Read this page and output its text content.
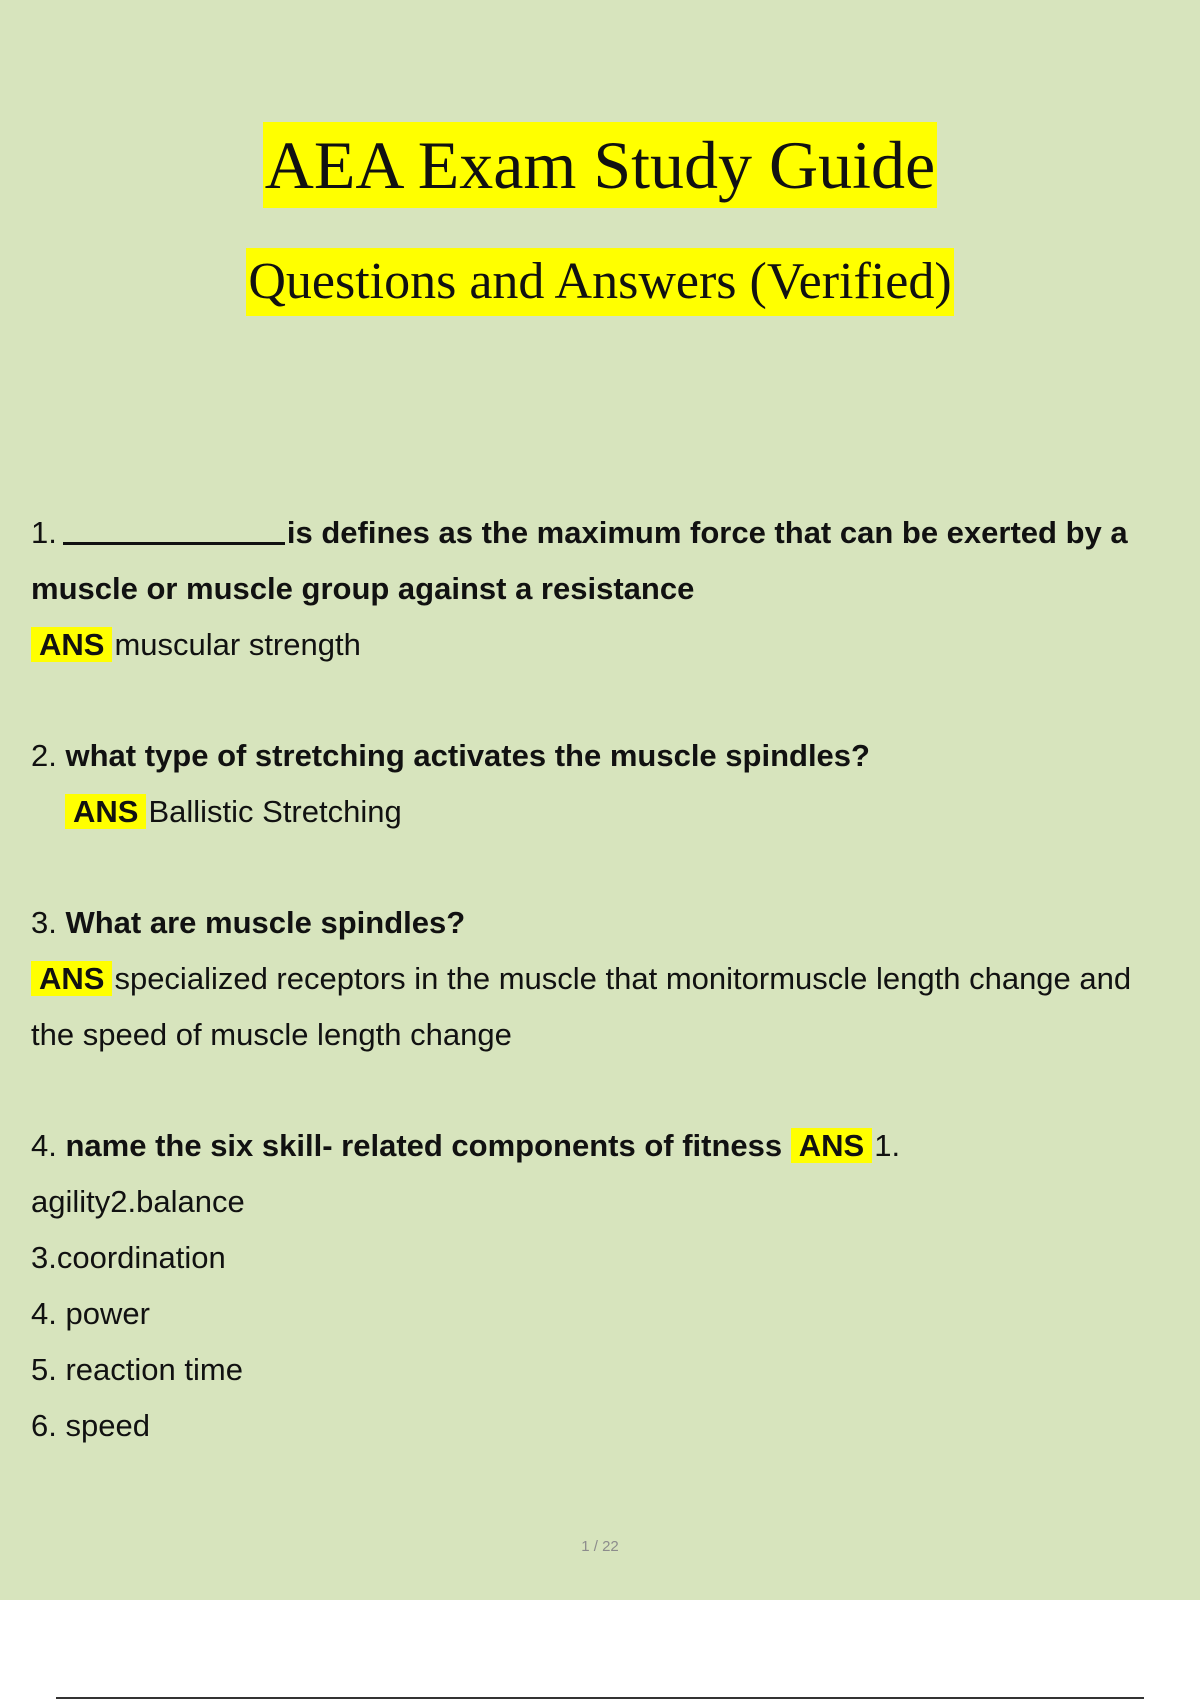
AEA Exam Study Guide
Questions and Answers (Verified)
1.	is defines as the maximum force that can be exerted by a
muscle or muscle group against a resistance
ANS muscular strength
2. what type of stretching activates the muscle spindles?
ANS Ballistic Stretching
3. What are muscle spindles?
ANS specialized receptors in the muscle that monitormuscle length change and
the speed of muscle length change
4. name the six skill- related components of fitness ANS 1.
agility2.balance
3.coordination
4. power
5. reaction time
6. speed
1 / 22
